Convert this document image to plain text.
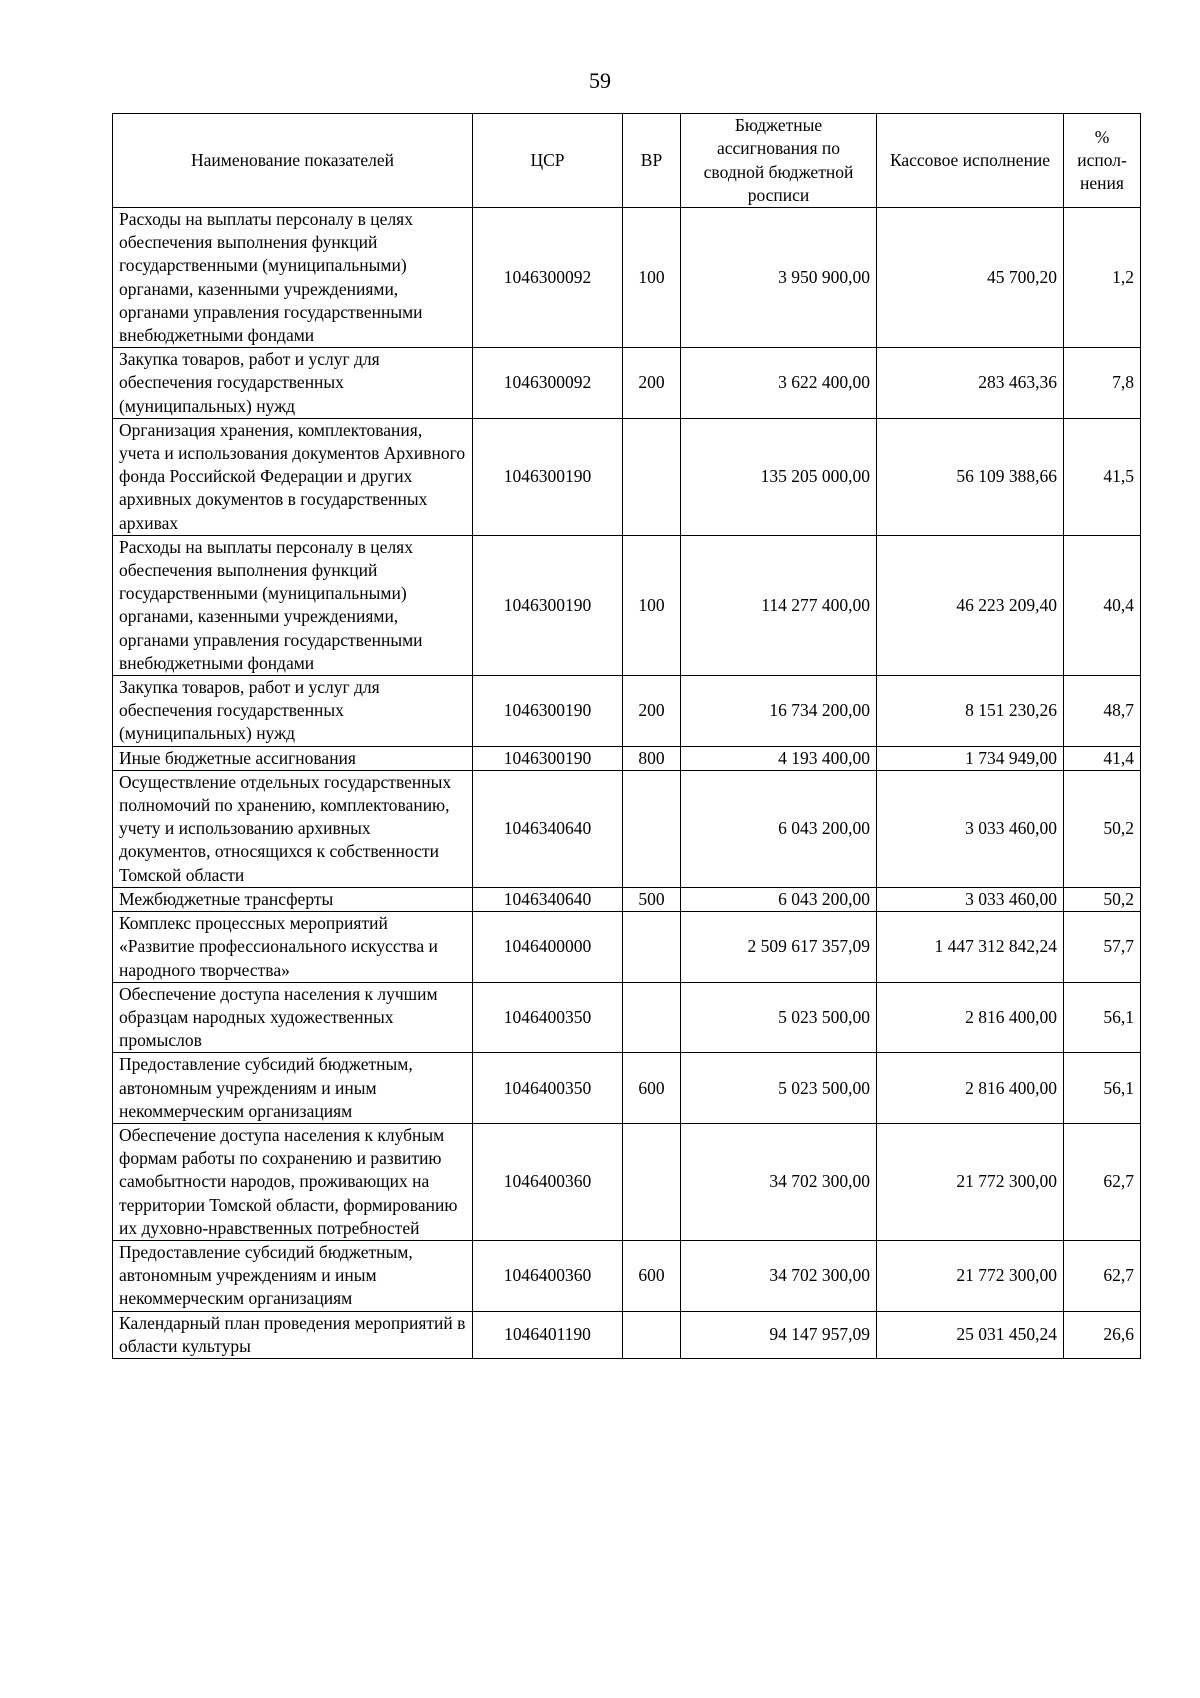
59
Наименование показателей	ЦСР	ВР	Бюджетные ассигнования по сводной бюджетной росписи	Кассовое исполнение	% испол-нения
Расходы на выплаты персоналу в целях обеспечения выполнения функций государственными (муниципальными) органами, казенными учреждениями, органами управления государственными внебюджетными фондами	1046300092	100	3 950 900,00	45 700,20	1,2
Закупка товаров, работ и услуг для обеспечения государственных (муниципальных) нужд	1046300092	200	3 622 400,00	283 463,36	7,8
Организация хранения, комплектования, учета и использования документов Архивного фонда Российской Федерации и других архивных документов в государственных архивах	1046300190		135 205 000,00	56 109 388,66	41,5
Расходы на выплаты персоналу в целях обеспечения выполнения функций государственными (муниципальными) органами, казенными учреждениями, органами управления государственными внебюджетными фондами	1046300190	100	114 277 400,00	46 223 209,40	40,4
Закупка товаров, работ и услуг для обеспечения государственных (муниципальных) нужд	1046300190	200	16 734 200,00	8 151 230,26	48,7
Иные бюджетные ассигнования	1046300190	800	4 193 400,00	1 734 949,00	41,4
Осуществление отдельных государственных полномочий по хранению, комплектованию, учету и использованию архивных документов, относящихся к собственности Томской области	1046340640		6 043 200,00	3 033 460,00	50,2
Межбюджетные трансферты	1046340640	500	6 043 200,00	3 033 460,00	50,2
Комплекс процессных мероприятий «Развитие профессионального искусства и народного творчества»	1046400000		2 509 617 357,09	1 447 312 842,24	57,7
Обеспечение доступа населения к лучшим образцам народных художественных промыслов	1046400350		5 023 500,00	2 816 400,00	56,1
Предоставление субсидий бюджетным, автономным учреждениям и иным некоммерческим организациям	1046400350	600	5 023 500,00	2 816 400,00	56,1
Обеспечение доступа населения к клубным формам работы по сохранению и развитию самобытности народов, проживающих на территории Томской области, формированию их духовно-нравственных потребностей	1046400360		34 702 300,00	21 772 300,00	62,7
Предоставление субсидий бюджетным, автономным учреждениям и иным некоммерческим организациям	1046400360	600	34 702 300,00	21 772 300,00	62,7
Календарный план проведения мероприятий в области культуры	1046401190		94 147 957,09	25 031 450,24	26,6
